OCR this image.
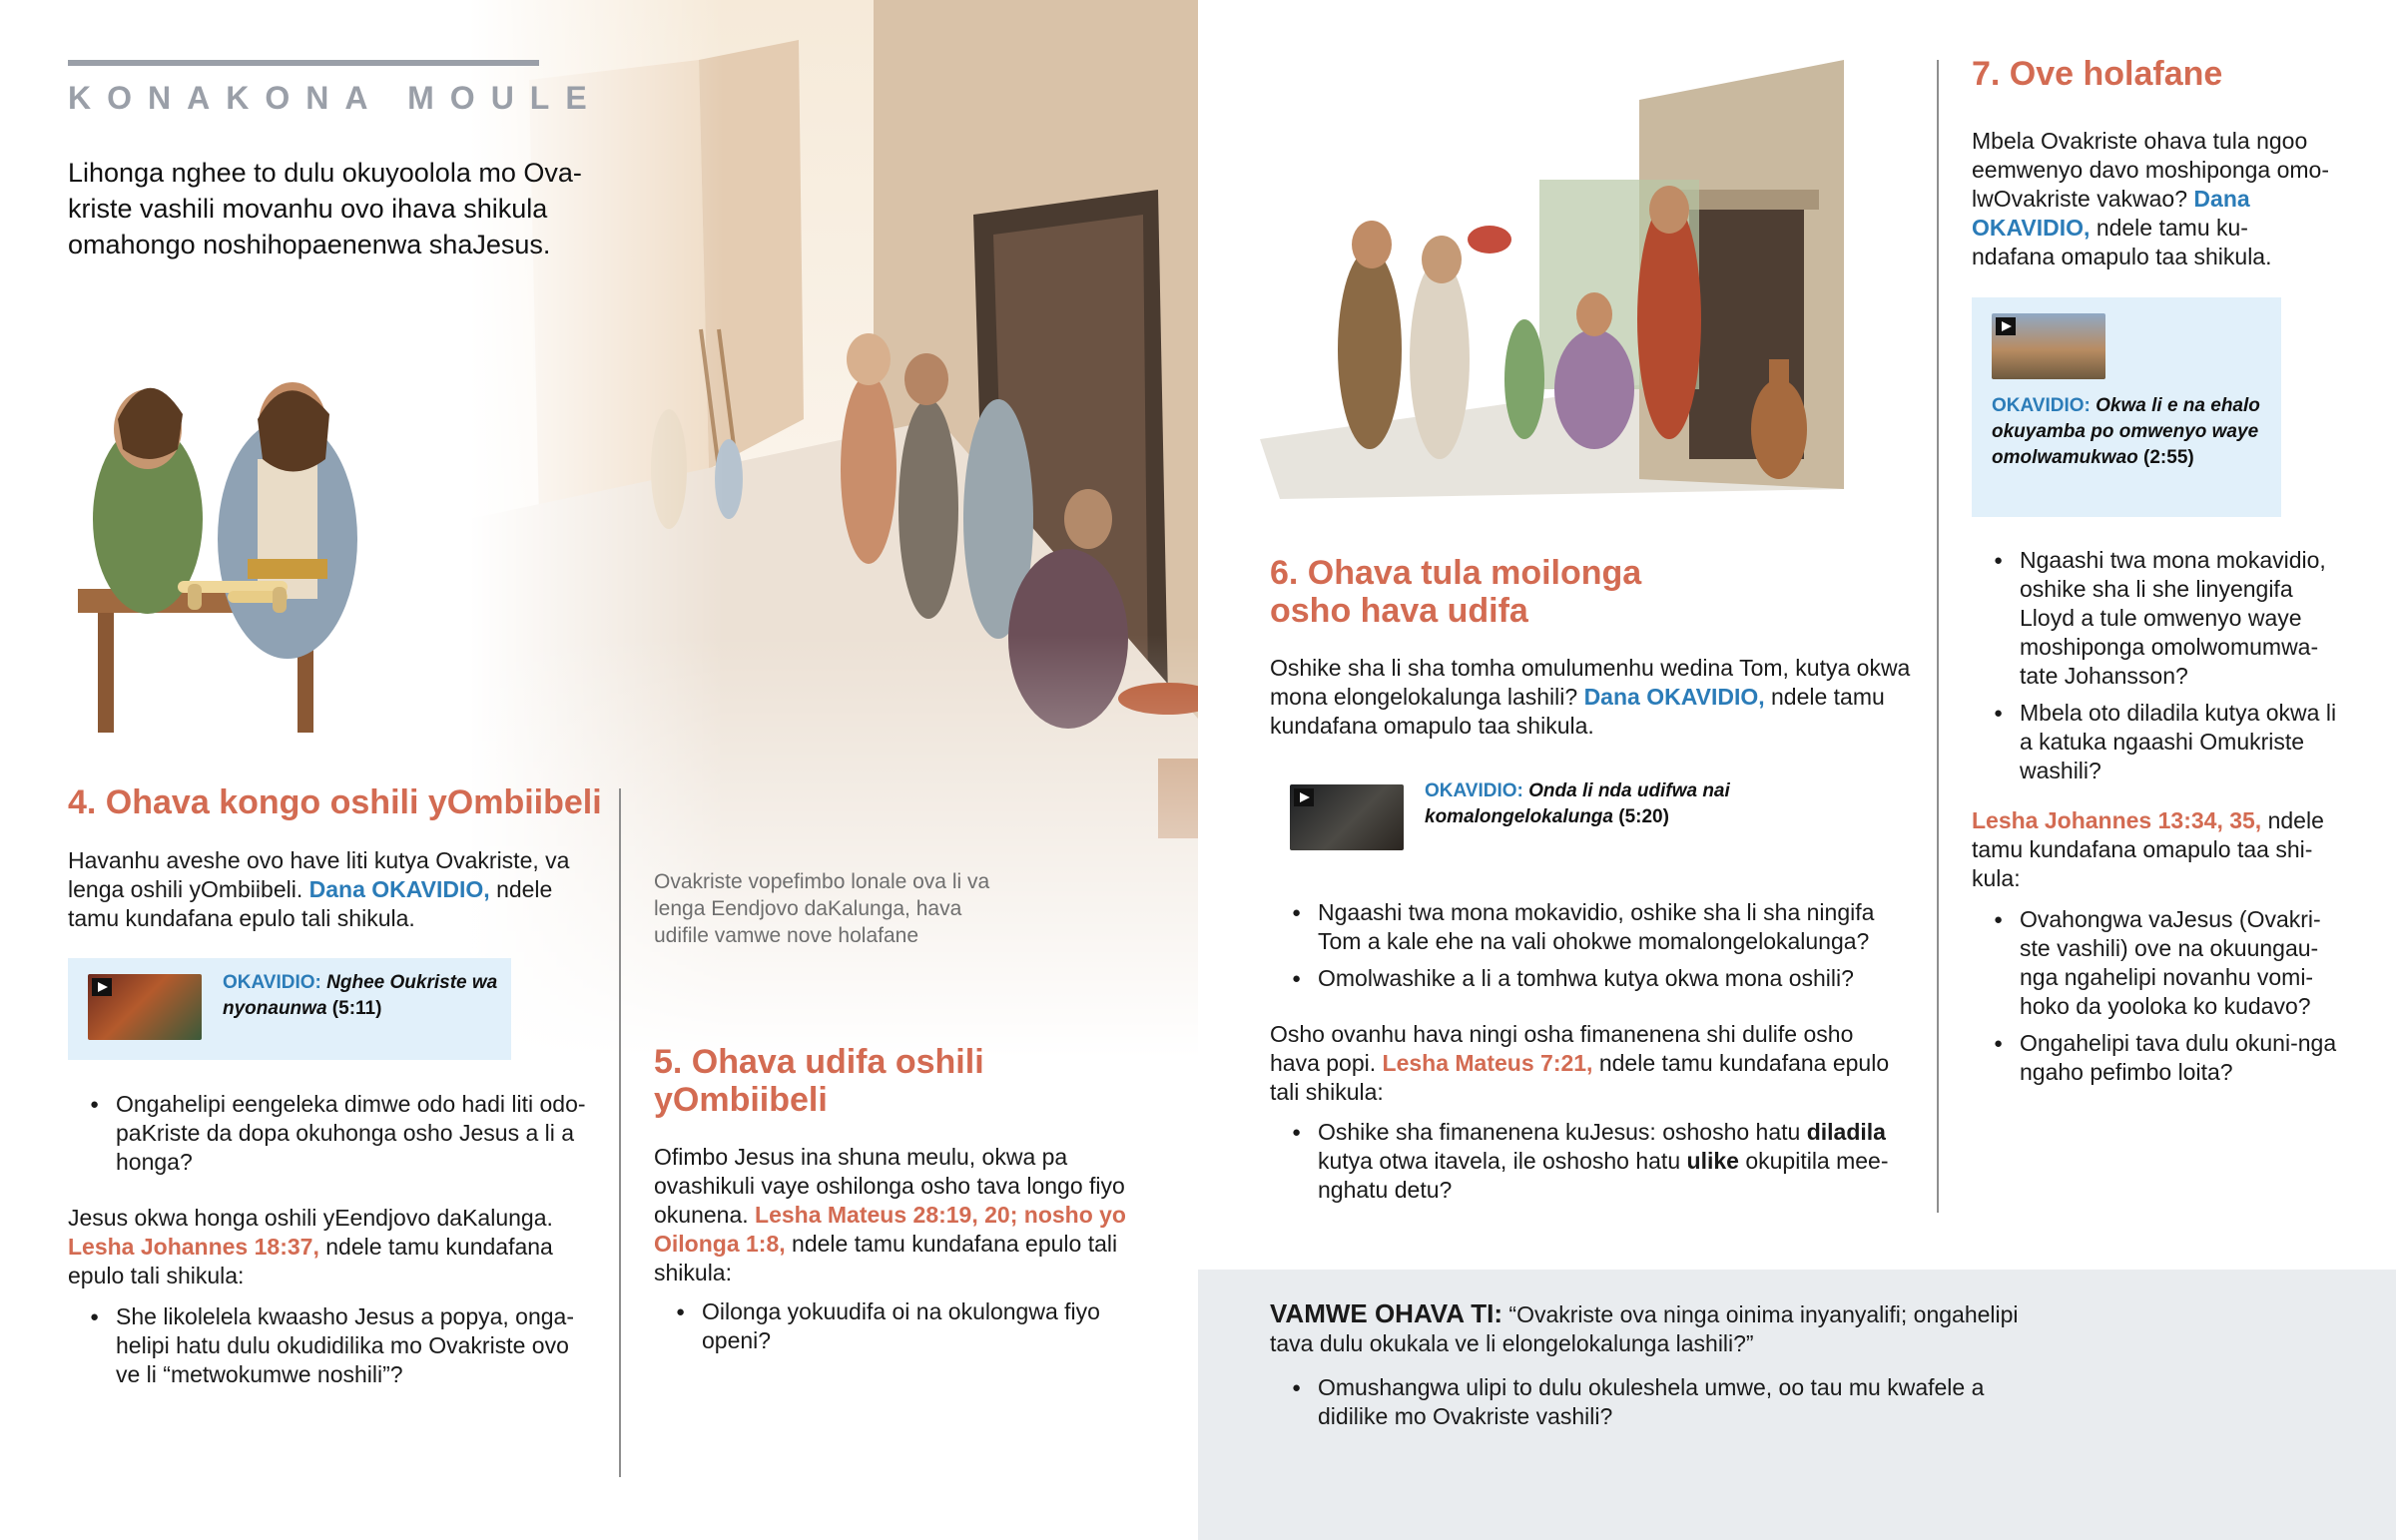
KONAKONA MOULE
Lihonga nghee to dulu okuyoolola mo Ova-kriste vashili movanhu ovo ihava shikula omahongo noshihopaenenwa shaJesus.
Ovakriste vopefimbo lonale ova li va lenga Eendjovo daKalunga, hava udifile vamwe nove holafane
4. Ohava kongo oshili yOmbiibeli
Havanhu aveshe ovo have liti kutya Ovakriste, va lenga oshili yOmbiibeli. Dana OKAVIDIO, ndele tamu kundafana epulo tali shikula.
OKAVIDIO: Nghee Oukriste wa nyonaunwa (5:11)
● Ongahelipi eengeleka dimwe odo hadi liti odo-paKriste da dopa okuhonga osho Jesus a li a honga?
Jesus okwa honga oshili yEendjovo daKalunga. Lesha Johannes 18:37, ndele tamu kundafana epulo tali shikula:
● She likolelela kwaasho Jesus a popya, onga-helipi hatu dulu okudidilika mo Ovakriste ovo ve li “metwokumwe noshili”?
5. Ohava udifa oshili yOmbiibeli
Ofimbo Jesus ina shuna meulu, okwa pa ovashikuli vaye oshilonga osho tava longo fiyo okunena. Lesha Mateus 28:19, 20; nosho yo Oilonga 1:8, ndele tamu kundafana epulo tali shikula:
● Oilonga yokuudifa oi na okulongwa fiyo openi?
6. Ohava tula moilonga osho hava udifa
Oshike sha li sha tomha omulumenhu wedina Tom, kutya okwa mona elongelokalunga lashili? Dana OKAVIDIO, ndele tamu kundafana omapulo taa shikula.
OKAVIDIO: Onda li nda udifwa nai komalongelokalunga (5:20)
● Ngaashi twa mona mokavidio, oshike sha li sha ningifa Tom a kale ehe na vali ohokwe momalongelokalunga?
● Omolwashike a li a tomhwa kutya okwa mona oshili?
Osho ovanhu hava ningi osha fimanenena shi dulife osho hava popi. Lesha Mateus 7:21, ndele tamu kundafana epulo tali shikula:
● Oshike sha fimanenena kuJesus: oshosho hatu diladila kutya otwa itavela, ile oshosho hatu ulike okupitila mee-nghatu detu?
7. Ove holafane
Mbela Ovakriste ohava tula ngoo eemwenyo davo moshiponga omo-lwOvakriste vakwao? Dana OKAVIDIO, ndele tamu ku-ndafana omapulo taa shikula.
OKAVIDIO: Okwa li e na ehalo okuyamba po omwenyo waye omolwamukwao (2:55)
● Ngaashi twa mona mokavidio, oshike sha li she linyengifa Lloyd a tule omwenyo waye moshiponga omolwomumwa-tate Johansson?
● Mbela oto diladila kutya okwa li a katuka ngaashi Omukriste washili?
Lesha Johannes 13:34, 35, ndele tamu kundafana omapulo taa shi-kula:
● Ovahongwa vaJesus (Ovakri-ste vashili) ove na okuungau-nga ngahelipi novanhu vomi-hoko da yooloka ko kudavo?
● Ongahelipi tava dulu okuni-nga ngaho pefimbo loita?
VAMWE OHAVA TI: “Ovakriste ova ninga oinima inyanyalifi; ongahelipi tava dulu okukala ve li elongelokalunga lashili?”
● Omushangwa ulipi to dulu okuleshela umwe, oo tau mu kwafele a didilike mo Ovakriste vashili?
